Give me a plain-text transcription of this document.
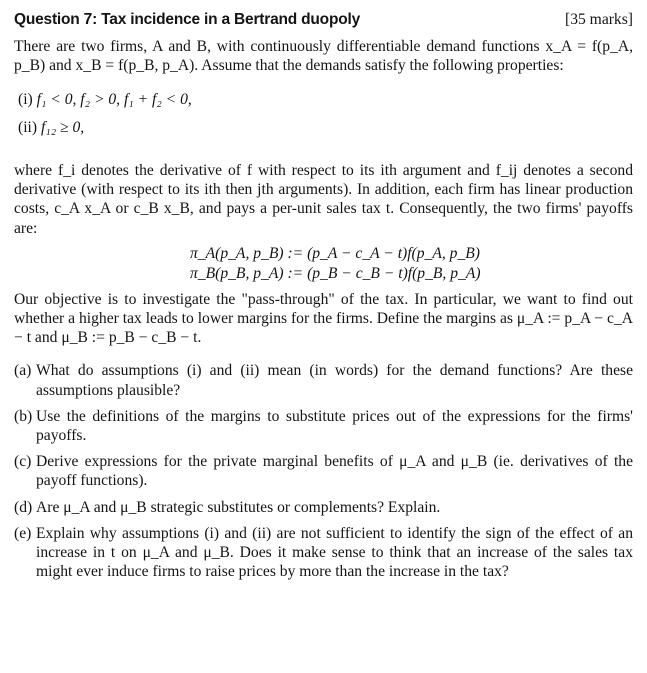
Question 7: Tax incidence in a Bertrand duopoly	[35 marks]

There are two firms, A and B, with continuously differentiable demand functions x_A = f(p_A, p_B) and x_B = f(p_B, p_A). Assume that the demands satisfy the following properties:

(i) f₁ < 0, f₂ > 0, f₁ + f₂ < 0,
(ii) f₁₂ ≥ 0,

where f_i denotes the derivative of f with respect to its ith argument and f_ij denotes a second derivative (with respect to its ith then jth arguments). In addition, each firm has linear production costs, c_A x_A or c_B x_B, and pays a per-unit sales tax t. Consequently, the two firms' payoffs are:

π_A(p_A, p_B) := (p_A − c_A − t)f(p_A, p_B)
π_B(p_B, p_A) := (p_B − c_B − t)f(p_B, p_A)

Our objective is to investigate the "pass-through" of the tax. In particular, we want to find out whether a higher tax leads to lower margins for the firms. Define the margins as μ_A := p_A − c_A − t and μ_B := p_B − c_B − t.

(a) What do assumptions (i) and (ii) mean (in words) for the demand functions? Are these assumptions plausible?
(b) Use the definitions of the margins to substitute prices out of the expressions for the firms' payoffs.
(c) Derive expressions for the private marginal benefits of μ_A and μ_B (ie. derivatives of the payoff functions).
(d) Are μ_A and μ_B strategic substitutes or complements? Explain.
(e) Explain why assumptions (i) and (ii) are not sufficient to identify the sign of the effect of an increase in t on μ_A and μ_B. Does it make sense to think that an increase of the sales tax might ever induce firms to raise prices by more than the increase in the tax?
